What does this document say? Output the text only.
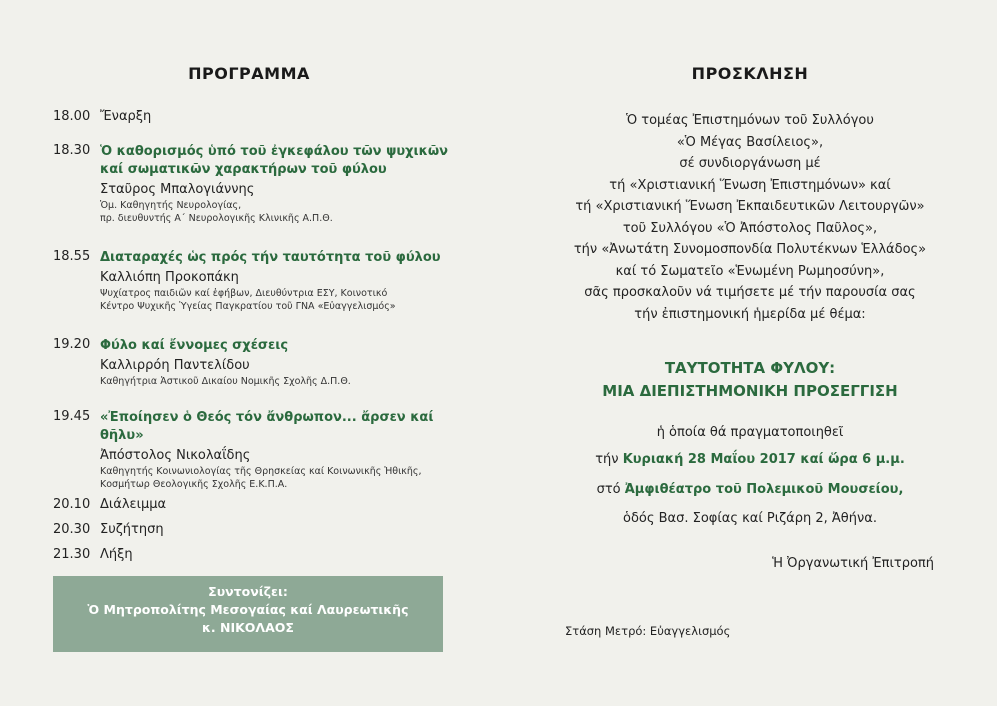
ΠΡΟΓΡΑΜΜΑ	ΠΡΟΣΚΛΗΣΗ
18.00 Ἔναρξη
18.30 Ὁ καθορισμός ὑπό τοῦ ἐγκεφάλου τῶν ψυχικῶν
καί σωματικῶν χαρακτήρων τοῦ φύλου
Σταῦρος Μπαλογιάννης
Ὁμ. Καθηγητής Νευρολογίας,
πρ. διευθυντής Α΄ Νευρολογικῆς Κλινικῆς Α.Π.Θ.
18.55 Διαταραχές ὡς πρός τήν ταυτότητα τοῦ φύλου
Καλλιόπη Προκοπάκη
Ψυχίατρος παιδιῶν καί ἐφήβων, Διευθύντρια ΕΣΥ, Κοινοτικό
Κέντρο Ψυχικῆς Ὑγείας Παγκρατίου τοῦ ΓΝΑ «Εὐαγγελισμός»
19.20 Φύλο καί ἔννομες σχέσεις
Καλλιρρόη Παντελίδου
Καθηγήτρια Ἀστικοῦ Δικαίου Νομικῆς Σχολῆς Δ.Π.Θ.
19.45 «Ἐποίησεν ὁ Θεός τόν ἄνθρωπον... ἄρσεν καί θῆλυ»
Ἀπόστολος Νικολαΐδης
Καθηγητής Κοινωνιολογίας τῆς Θρησκείας καί Κοινωνικῆς Ἠθικῆς,
Κοσμήτωρ Θεολογικῆς Σχολῆς Ε.Κ.Π.Α.
20.10 Διάλειμμα
20.30 Συζήτηση
21.30 Λήξη
Συντονίζει:
Ὁ Μητροπολίτης Μεσογαίας καί Λαυρεωτικῆς
κ. ΝΙΚΟΛΑΟΣ
Ὁ τομέας Ἐπιστημόνων τοῦ Συλλόγου
«Ὁ Μέγας Βασίλειος»,
σέ συνδιοργάνωση μέ
τή «Χριστιανική Ἕνωση Ἐπιστημόνων» καί
τή «Χριστιανική Ἕνωση Ἐκπαιδευτικῶν Λειτουργῶν»
τοῦ Συλλόγου «Ὁ Ἀπόστολος Παῦλος»,
τήν «Ἀνωτάτη Συνομοσπονδία Πολυτέκνων Ἑλλάδος»
καί τό Σωματεῖο «Ἑνωμένη Ρωμηοσύνη»,
σᾶς προσκαλοῦν νά τιμήσετε μέ τήν παρουσία σας
τήν ἐπιστημονική ἡμερίδα μέ θέμα:
ΤΑΥΤΟΤΗΤΑ ΦΥΛΟΥ:
ΜΙΑ ΔΙΕΠΙΣΤΗΜΟΝΙΚΗ ΠΡΟΣΕΓΓΙΣΗ
ἡ ὁποία θά πραγματοποιηθεῖ
τήν Κυριακή 28 Μαΐου 2017 καί ὥρα 6 μ.μ.
στό Ἀμφιθέατρο τοῦ Πολεμικοῦ Μουσείου,
ὁδός Βασ. Σοφίας καί Ριζάρη 2, Ἀθήνα.
Ἡ Ὀργανωτική Ἐπιτροπή
Στάση Μετρό: Εὐαγγελισμός
